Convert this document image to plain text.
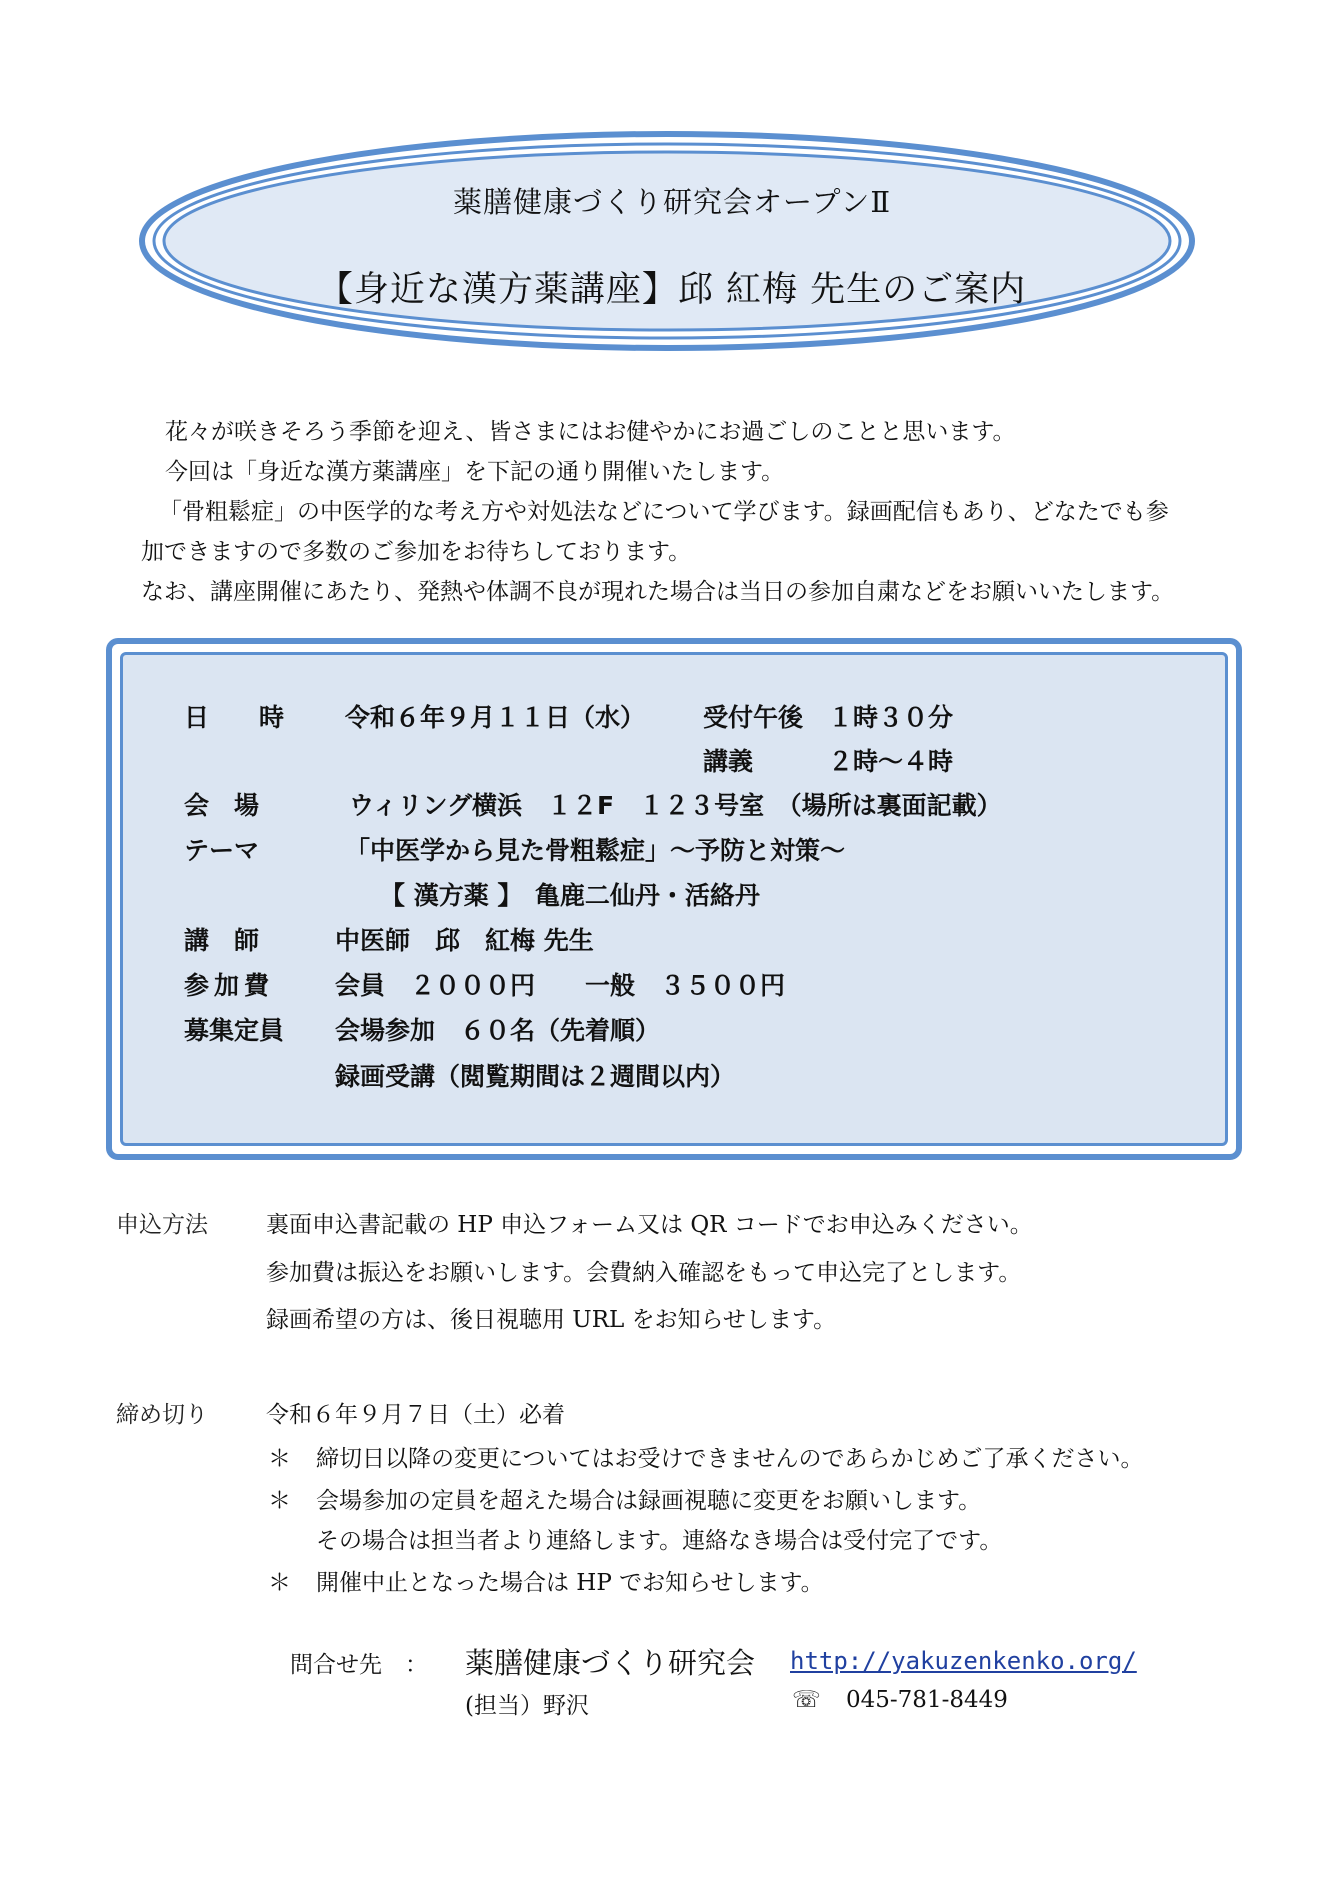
薬膳健康づくり研究会オープンⅡ
【身近な漢方薬講座】邱 紅梅 先生のご案内

花々が咲きそろう季節を迎え、皆さまにはお健やかにお過ごしのことと思います。

今回は「身近な漢方薬講座」を下記の通り開催いたします。

「骨粗鬆症」の中医学的な考え方や対処法などについて学びます。録画配信もあり、どなたでも参

加できますので多数のご参加をお待ちしております。

なお、講座開催にあたり、発熱や体調不良が現れた場合は当日の参加自粛などをお願いいたします。

日　　時 令和６年９月１１日（水） 受付午後　１時３０分
講義　　　２時～４時
会　場	ウィリング横浜　１２F　１２３号室　（場所は裏面記載）
テーマ	「中医学から見た骨粗鬆症」～予防と対策～
【 漢方薬 】　亀鹿二仙丹・活絡丹
講　師	中医師　邱　紅梅 先生
参加費 会員　２０００円　　一般　３５００円
募集定員 会場参加　６０名（先着順）
録画受講（閲覧期間は２週間以内）
申込方法	裏面申込書記載の HP 申込フォーム又は QR コードでお申込みください。
参加費は振込をお願いします。会費納入確認をもって申込完了とします。
録画希望の方は、後日視聴用 URL をお知らせします。
締め切り	令和６年９月７日（土）必着
＊ 締切日以降の変更についてはお受けできませんのであらかじめご了承ください。
＊ 会場参加の定員を超えた場合は録画視聴に変更をお願いします。
その場合は担当者より連絡します。連絡なき場合は受付完了です。
＊ 開催中止となった場合は HP でお知らせします。
問合せ先　： 薬膳健康づくり研究会 http://yakuzenkenko.org/
(担当）野沢	☏ 045-781-8449
